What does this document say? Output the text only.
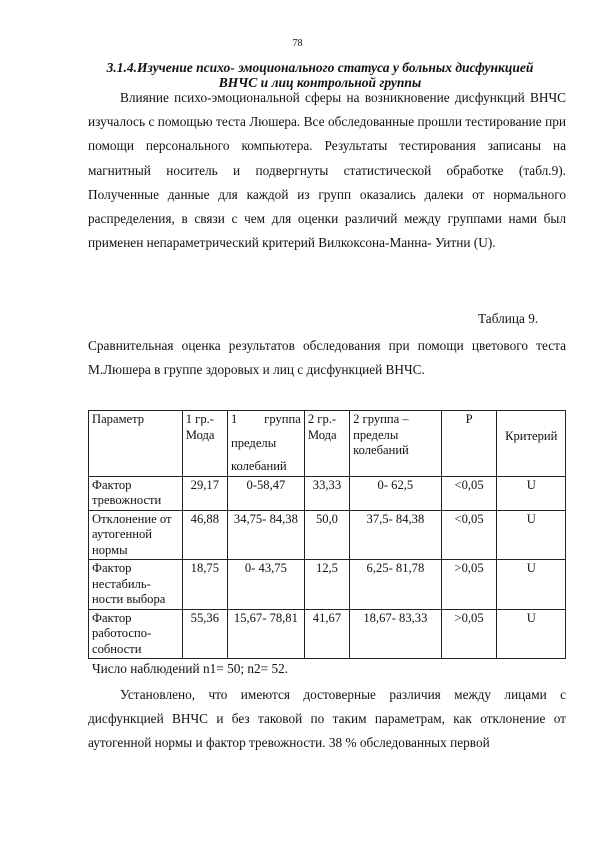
78
3.1.4.Изучение психо- эмоционального статуса у больных дисфункцией ВНЧС и лиц контрольной группы
Влияние психо-эмоциональной сферы на возникновение дисфункций ВНЧС изучалось с помощью теста Люшера. Все обследованные прошли тестирование при помощи персонального компьютера. Результаты тестирования записаны на магнитный носитель и подвергнуты статистической обработке (табл.9). Полученные данные для каждой из групп оказались далеки от нормального распределения, в связи с чем для оценки различий между группами нами был применен непараметрический критерий Вилкоксона-Манна- Уитни (U).
Таблица 9.
Сравнительная оценка результатов обследования при помощи цветового теста М.Люшера в группе здоровых и лиц с дисфункцией ВНЧС.
Параметр	1 гр.- Мода	1 группа
пределы
колебаний	2 гр.- Мода	2 группа – пределы колебаний	P	Критерий

Фактор тревожности	29,17	0-58,47	33,33	0- 62,5	<0,05	U
Отклонение от аутогенной нормы	46,88	34,75- 84,38	50,0	37,5- 84,38	<0,05	U
Фактор нестабиль- ности выбора	18,75	0- 43,75	12,5	6,25- 81,78	>0,05	U
Фактор работоспо- собности	55,36	15,67- 78,81	41,67	18,67- 83,33	>0,05	U
Число наблюдений n1= 50; n2= 52.
Установлено, что имеются достоверные различия между лицами с дисфункцией ВНЧС и без таковой по таким параметрам, как отклонение от аутогенной нормы и фактор тревожности. 38 % обследованных первой
